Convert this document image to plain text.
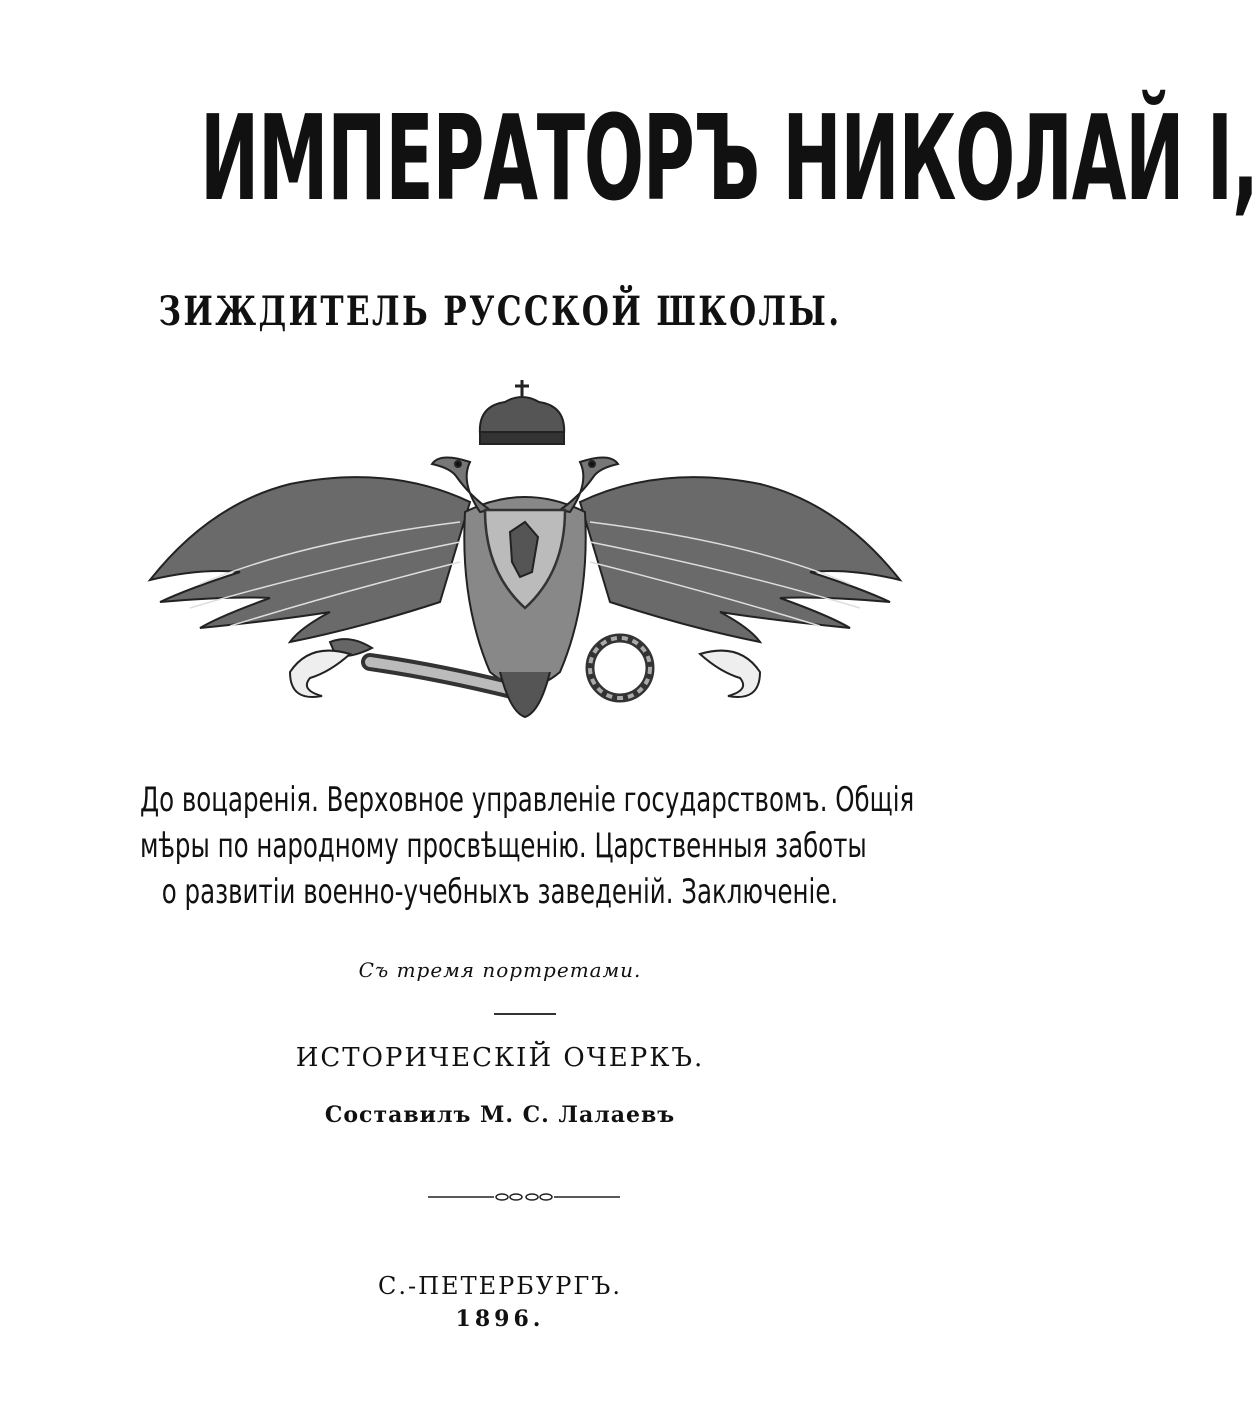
ИМПЕРАТОРЪ НИКОЛАЙ I,
ЗИЖДИТЕЛЬ РУССКОЙ ШКОЛЫ.
До воцаренія. Верховное управленіе государствомъ. Общія
мѣры по народному просвѣщенію. Царственныя заботы
о развитіи военно-учебныхъ заведеній. Заключеніе.
Съ тремя портретами.
ИСТОРИЧЕСКІЙ ОЧЕРКЪ.
Составилъ М. С. Лалаевъ
С.-ПЕТЕРБУРГЪ.
1896.
